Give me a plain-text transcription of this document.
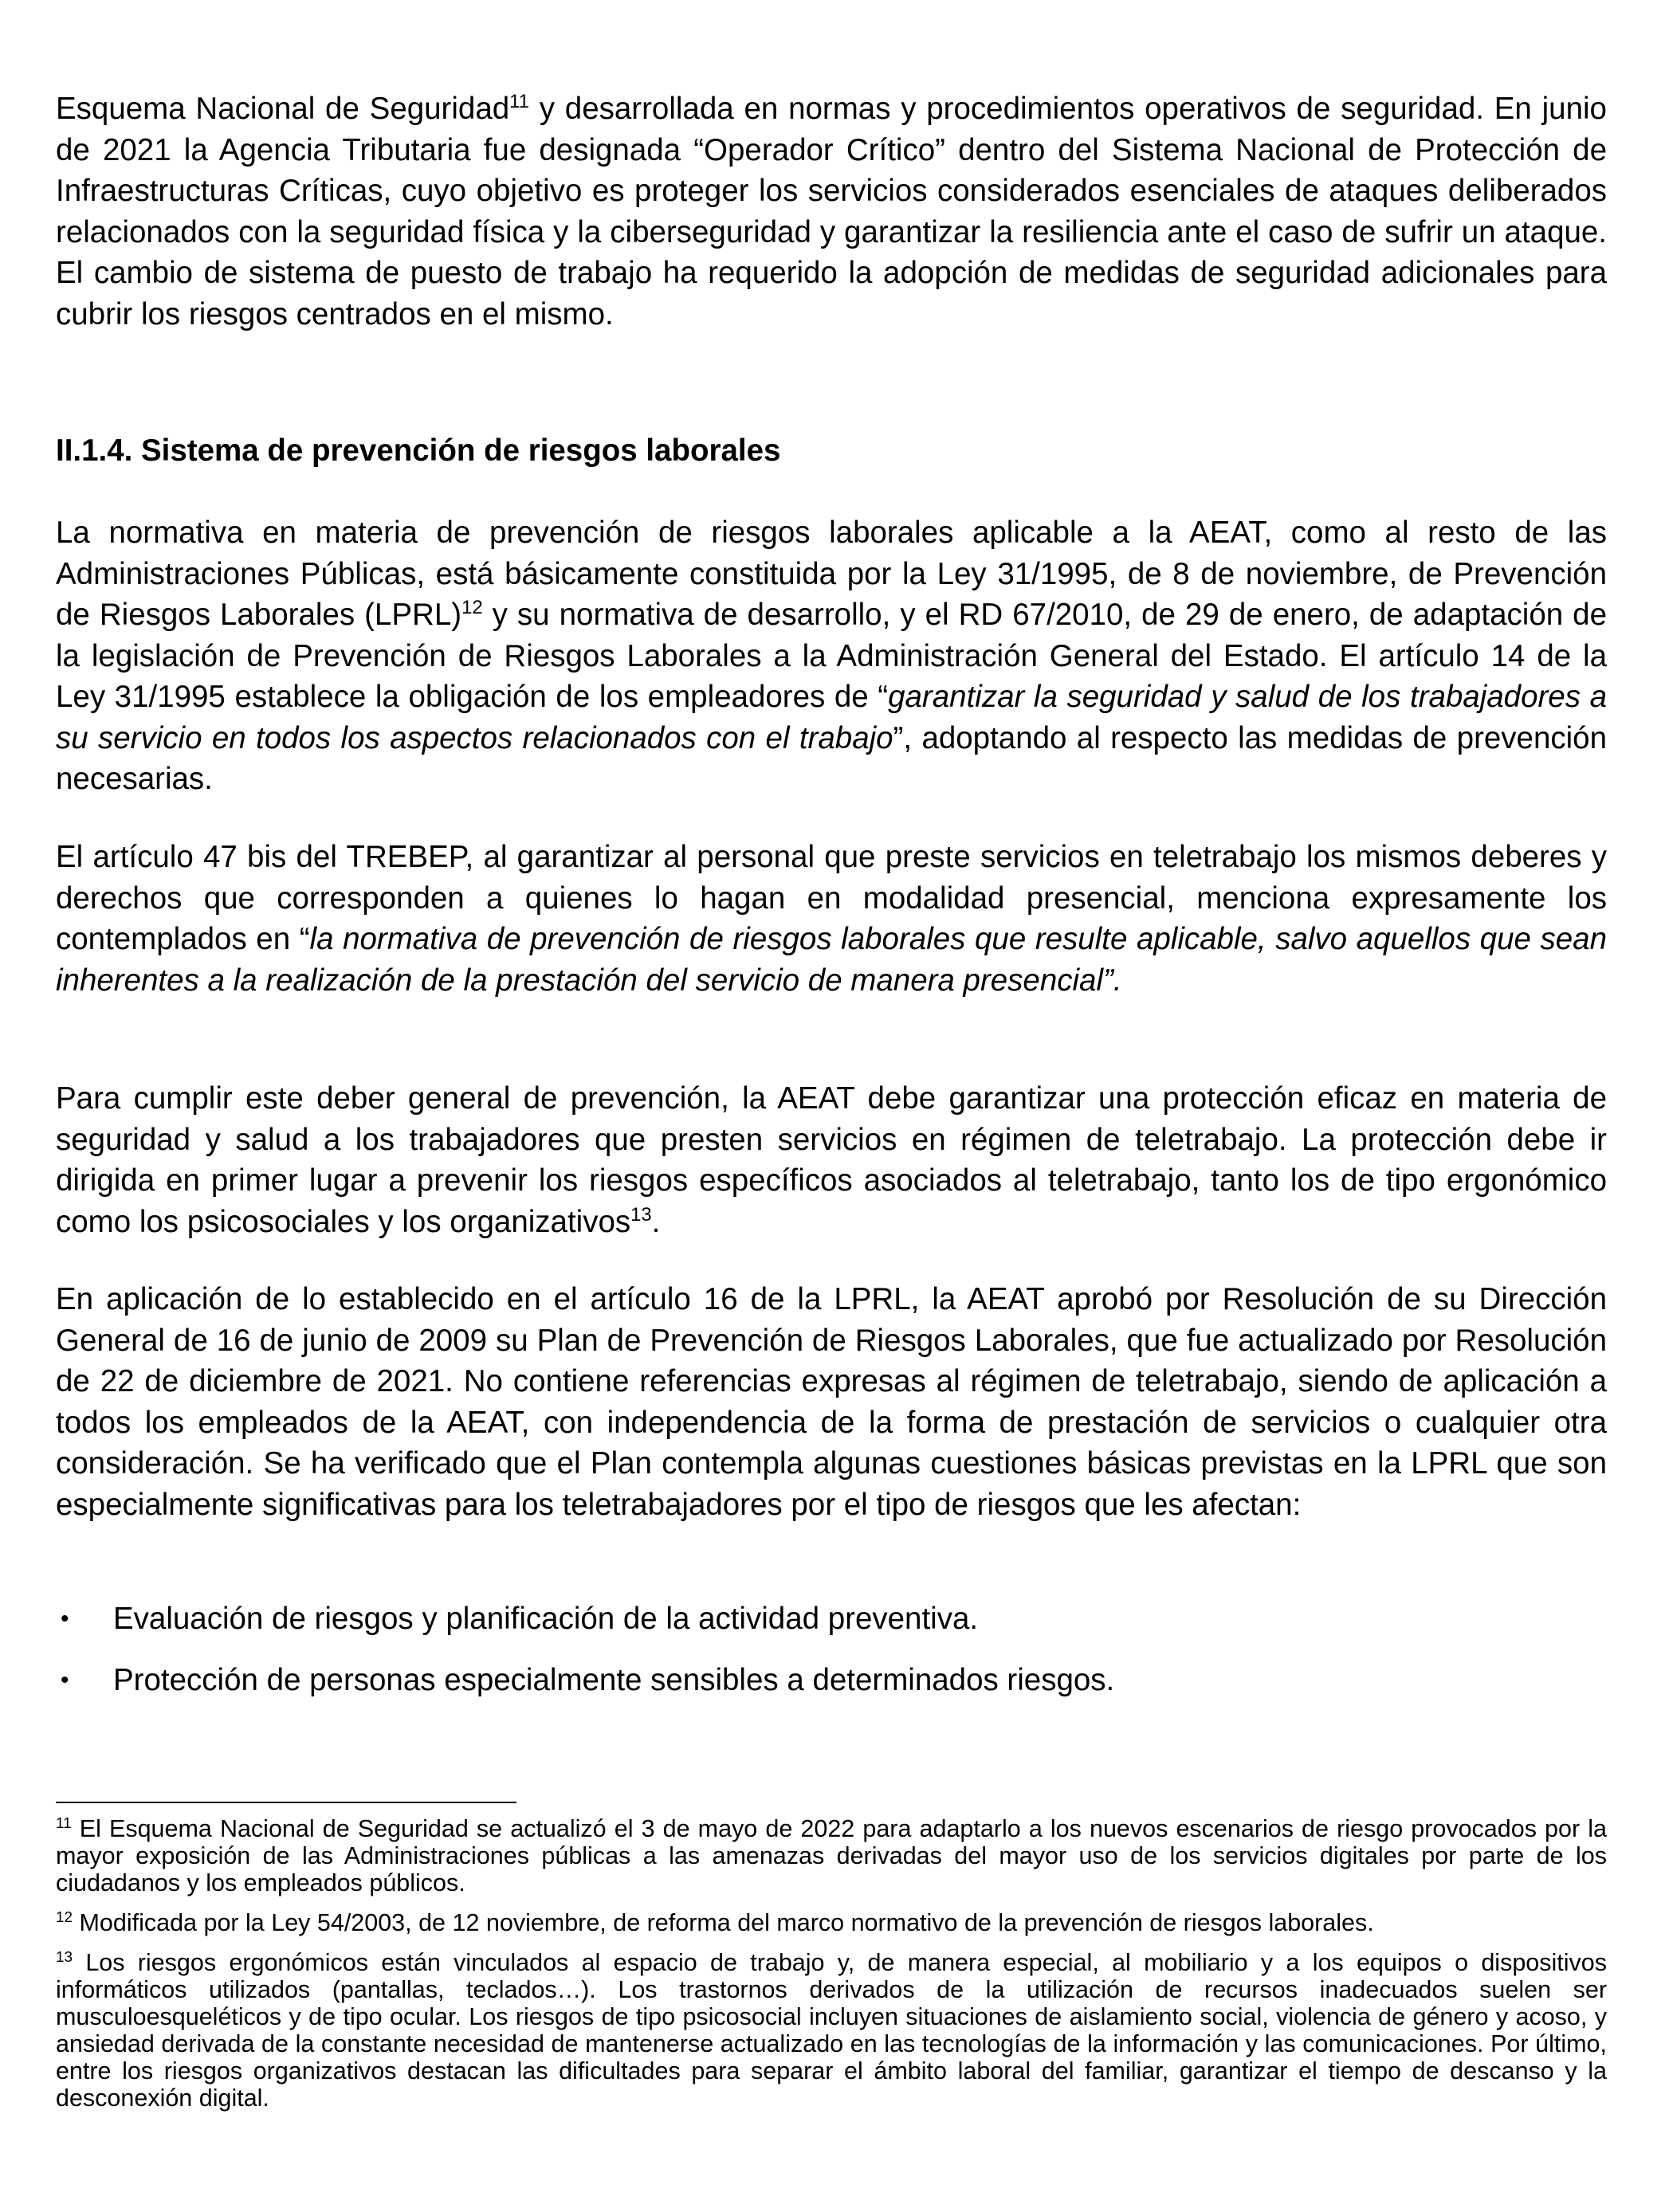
Esquema Nacional de Seguridad$^{11}$ y desarrollada en normas y procedimientos operativos de seguridad. En junio de 2021 la Agencia Tributaria fue designada “Operador Crítico” dentro del Sistema Nacional de Protección de Infraestructuras Críticas, cuyo objetivo es proteger los servicios considerados esenciales de ataques deliberados relacionados con la seguridad física y la ciberseguridad y garantizar la resiliencia ante el caso de sufrir un ataque. El cambio de sistema de puesto de trabajo ha requerido la adopción de medidas de seguridad adicionales para cubrir los riesgos centrados en el mismo.

II.1.4. Sistema de prevención de riesgos laborales

La normativa en materia de prevención de riesgos laborales aplicable a la AEAT, como al resto de las Administraciones Públicas, está básicamente constituida por la Ley 31/1995, de 8 de noviembre, de Prevención de Riesgos Laborales (LPRL)$^{12}$ y su normativa de desarrollo, y el RD 67/2010, de 29 de enero, de adaptación de la legislación de Prevención de Riesgos Laborales a la Administración General del Estado. El artículo 14 de la Ley 31/1995 establece la obligación de los empleadores de “garantizar la seguridad y salud de los trabajadores a su servicio en todos los aspectos relacionados con el trabajo”, adoptando al respecto las medidas de prevención necesarias.

El artículo 47 bis del TREBEP, al garantizar al personal que preste servicios en teletrabajo los mismos deberes y derechos que corresponden a quienes lo hagan en modalidad presencial, menciona expresamente los contemplados en “la normativa de prevención de riesgos laborales que resulte aplicable, salvo aquellos que sean inherentes a la realización de la prestación del servicio de manera presencial”.

Para cumplir este deber general de prevención, la AEAT debe garantizar una protección eficaz en materia de seguridad y salud a los trabajadores que presten servicios en régimen de teletrabajo. La protección debe ir dirigida en primer lugar a prevenir los riesgos específicos asociados al teletrabajo, tanto los de tipo ergonómico como los psicosociales y los organizativos$^{13}$.

En aplicación de lo establecido en el artículo 16 de la LPRL, la AEAT aprobó por Resolución de su Dirección General de 16 de junio de 2009 su Plan de Prevención de Riesgos Laborales, que fue actualizado por Resolución de 22 de diciembre de 2021. No contiene referencias expresas al régimen de teletrabajo, siendo de aplicación a todos los empleados de la AEAT, con independencia de la forma de prestación de servicios o cualquier otra consideración. Se ha verificado que el Plan contempla algunas cuestiones básicas previstas en la LPRL que son especialmente significativas para los teletrabajadores por el tipo de riesgos que les afectan:

• Evaluación de riesgos y planificación de la actividad preventiva.
• Protección de personas especialmente sensibles a determinados riesgos.

$^{11}$ El Esquema Nacional de Seguridad se actualizó el 3 de mayo de 2022 para adaptarlo a los nuevos escenarios de riesgo provocados por la mayor exposición de las Administraciones públicas a las amenazas derivadas del mayor uso de los servicios digitales por parte de los ciudadanos y los empleados públicos.

$^{12}$ Modificada por la Ley 54/2003, de 12 noviembre, de reforma del marco normativo de la prevención de riesgos laborales.

$^{13}$ Los riesgos ergonómicos están vinculados al espacio de trabajo y, de manera especial, al mobiliario y a los equipos o dispositivos informáticos utilizados (pantallas, teclados…). Los trastornos derivados de la utilización de recursos inadecuados suelen ser musculoesqueléticos y de tipo ocular. Los riesgos de tipo psicosocial incluyen situaciones de aislamiento social, violencia de género y acoso, y ansiedad derivada de la constante necesidad de mantenerse actualizado en las tecnologías de la información y las comunicaciones. Por último, entre los riesgos organizativos destacan las dificultades para separar el ámbito laboral del familiar, garantizar el tiempo de descanso y la desconexión digital.
